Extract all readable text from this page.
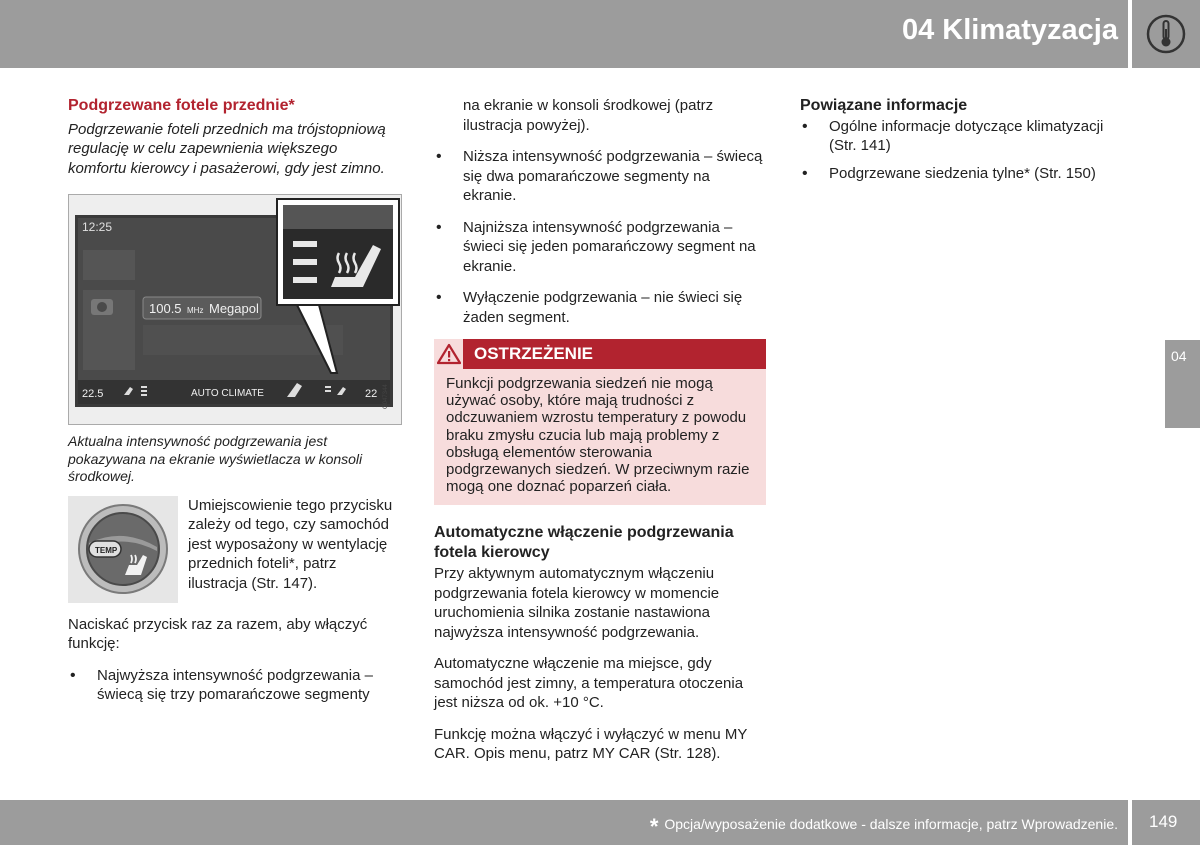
04 Klimatyzacja
04
Podgrzewane fotele przednie*
Podgrzewanie foteli przednich ma trójstopniową regulację w celu zapewnienia większego komfortu kierowcy i pasażerowi, gdy jest zimno.
12:25
100.5 MHz Megapol
22.5	AUTO CLIMATE	22 G047344
Aktualna intensywność podgrzewania jest pokazywana na ekranie wyświetlacza w konsoli środkowej.
TEMP
Umiejscowienie tego przycisku zależy od tego, czy samochód jest wyposażony w wentylację przednich foteli*, patrz ilustracja (Str. 147).

Naciskać przycisk raz za razem, aby włączyć funkcję:

• Najwyższa intensywność podgrzewania – świecą się trzy pomarańczowe segmenty
na ekranie w konsoli środkowej (patrz ilustracja powyżej).
• Niższa intensywność podgrzewania – świecą się dwa pomarańczowe segmenty na ekranie.
• Najniższa intensywność podgrzewania – świeci się jeden pomarańczowy segment na ekranie.
• Wyłączenie podgrzewania – nie świeci się żaden segment.
OSTRZEŻENIE
Funkcji podgrzewania siedzeń nie mogą używać osoby, które mają trudności z odczuwaniem wzrostu temperatury z powodu braku zmysłu czucia lub mają problemy z obsługą elementów sterowania podgrzewanych siedzeń. W przeciwnym razie mogą one doznać poparzeń ciała.
Automatyczne włączenie podgrzewania fotela kierowcy

Przy aktywnym automatycznym włączeniu podgrzewania fotela kierowcy w momencie uruchomienia silnika zostanie nastawiona najwyższa intensywność podgrzewania.

Automatyczne włączenie ma miejsce, gdy samochód jest zimny, a temperatura otoczenia jest niższa od ok. +10 °C.

Funkcję można włączyć i wyłączyć w menu MY CAR. Opis menu, patrz MY CAR (Str. 128).

Powiązane informacje
• Ogólne informacje dotyczące klimatyzacji (Str. 141)
• Podgrzewane siedzenia tylne* (Str. 150)
* Opcja/wyposażenie dodatkowe - dalsze informacje, patrz Wprowadzenie. 149
